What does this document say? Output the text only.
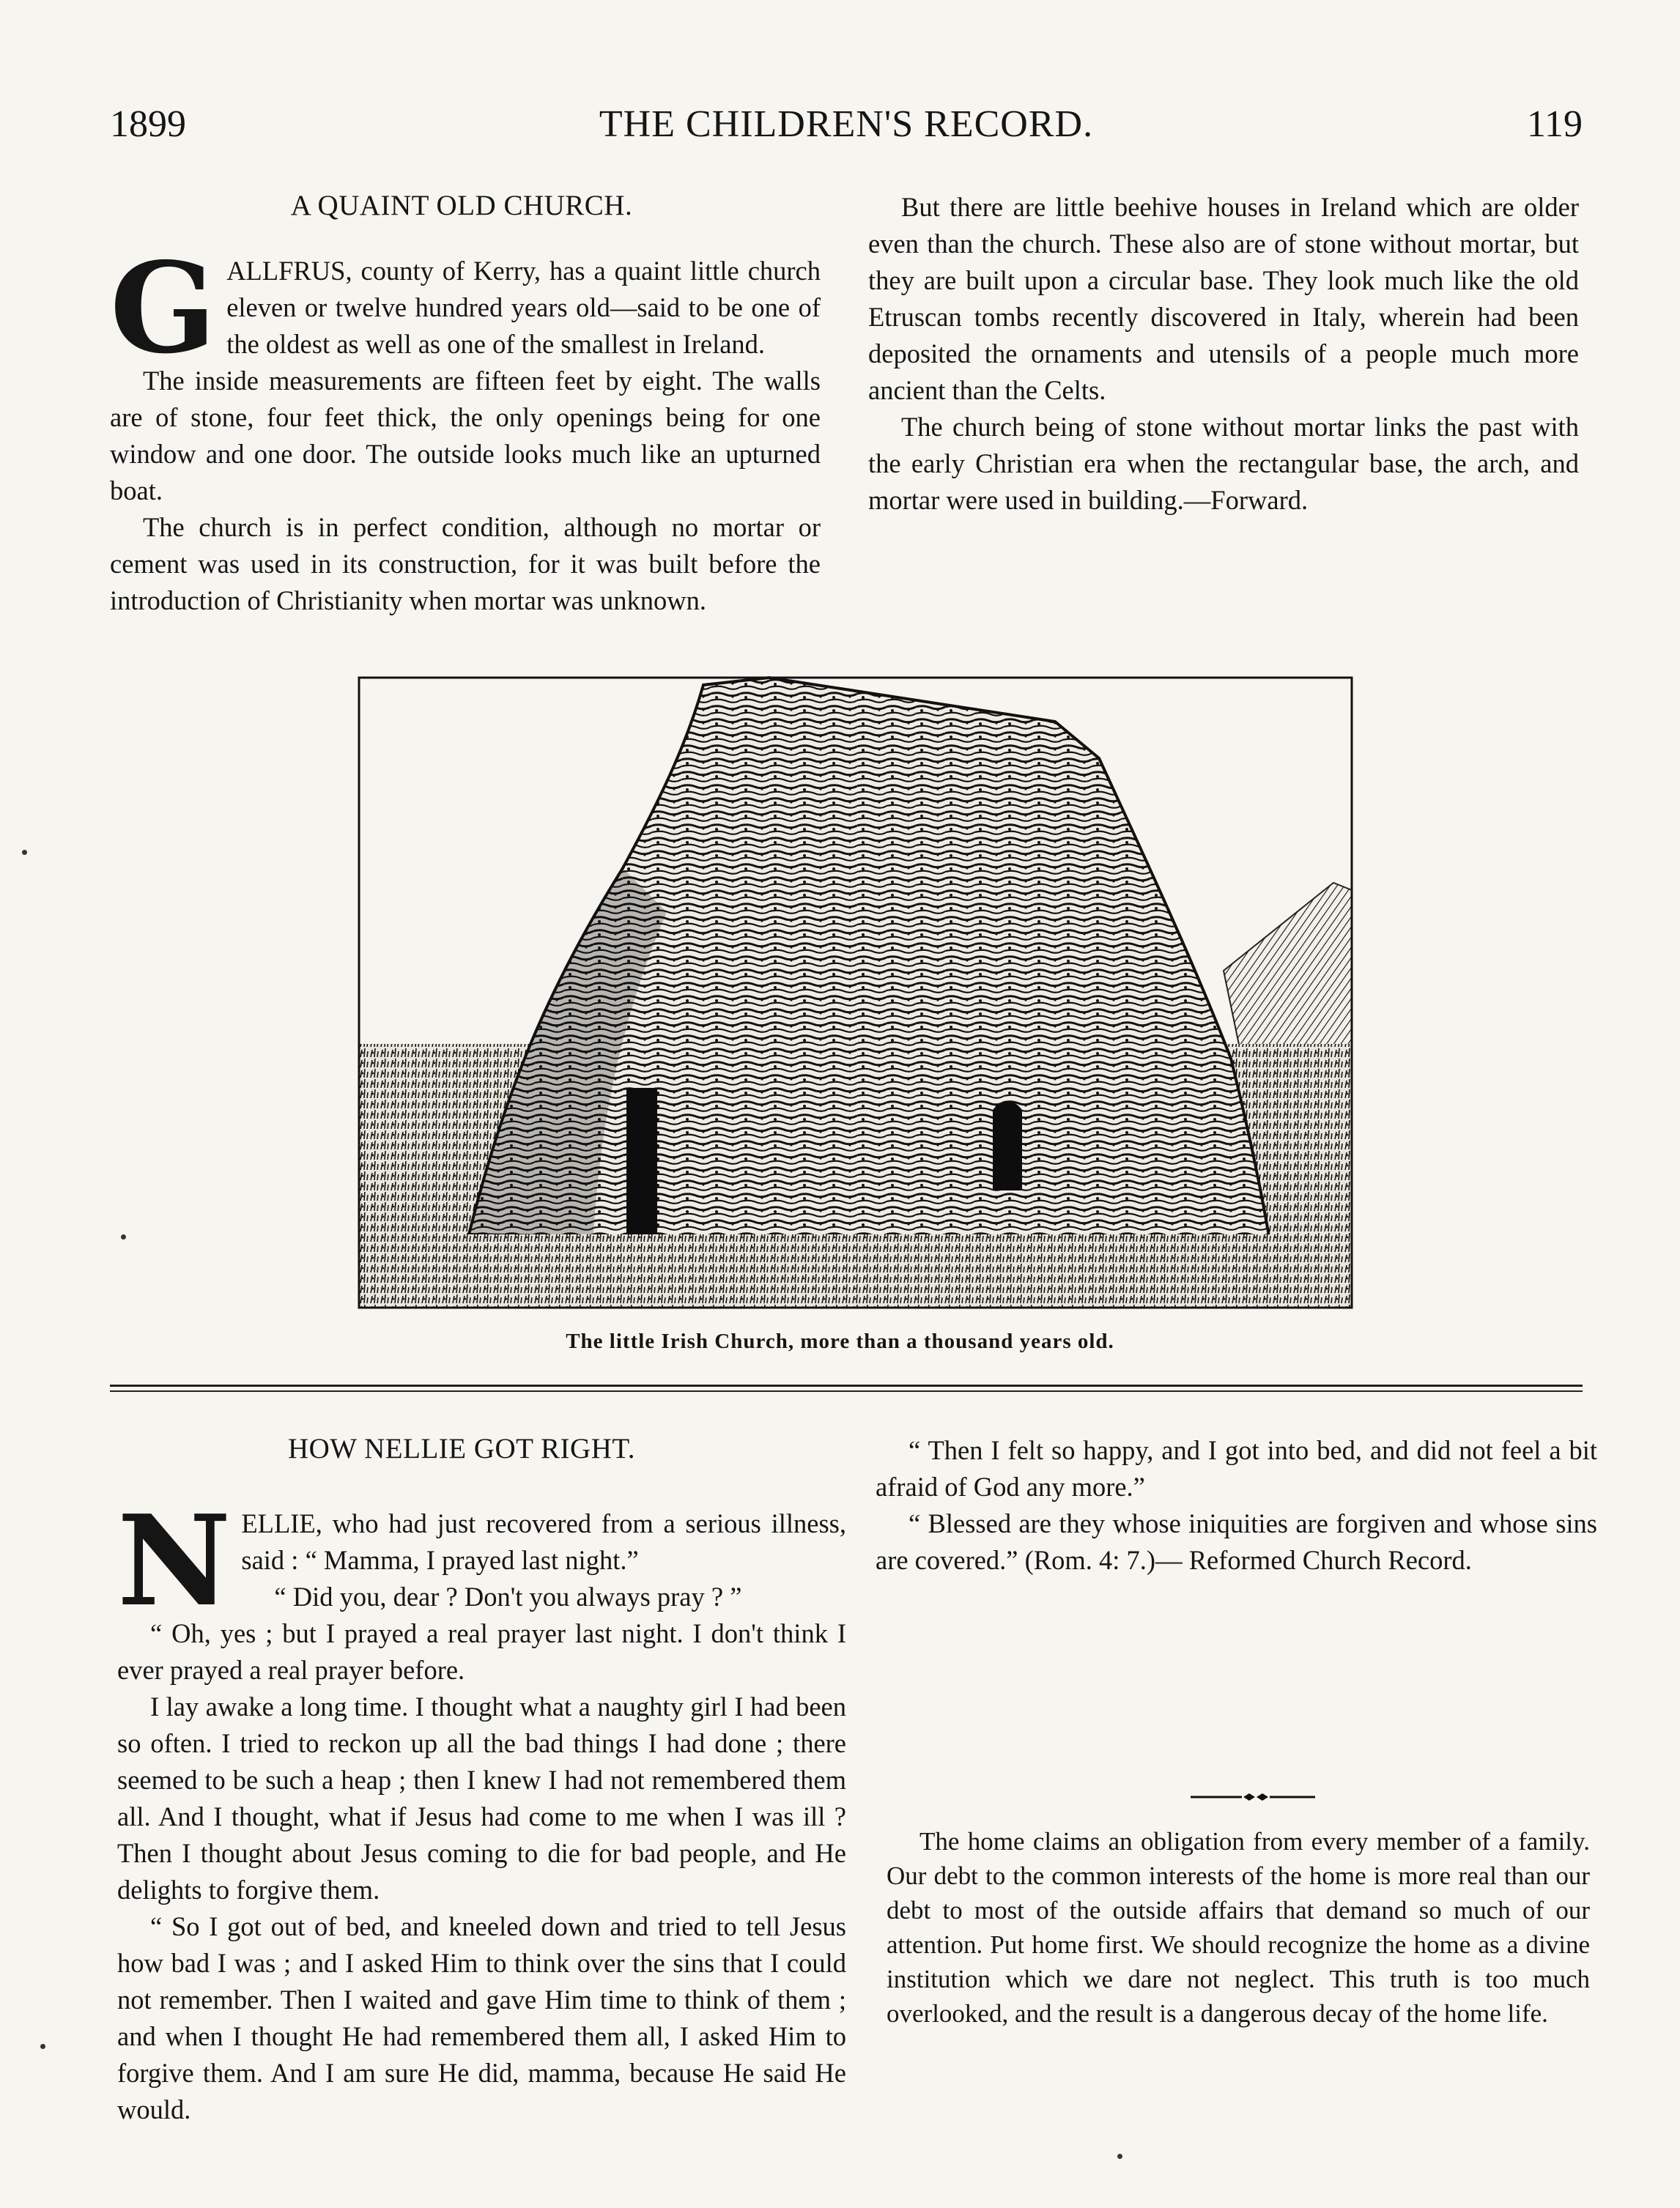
1899	THE CHILDREN'S RECORD.	119
A QUAINT OLD CHURCH.

GALLFRUS, county of Kerry, has a quaint little church eleven or twelve hundred years old—said to be one of the oldest as well as one of the smallest in Ireland.

The inside measurements are fifteen feet by eight. The walls are of stone, four feet thick, the only openings being for one window and one door. The outside looks much like an upturned boat.

The church is in perfect condition, although no mortar or cement was used in its construction, for it was built before the introduction of Christianity when mortar was unknown.

But there are little beehive houses in Ireland which are older even than the church. These also are of stone without mortar, but they are built upon a circular base. They look much like the old Etruscan tombs recently discovered in Italy, wherein had been deposited the ornaments and utensils of a people much more ancient than the Celts.

The church being of stone without mortar links the past with the early Christian era when the rectangular base, the arch, and mortar were used in building.—Forward.

The little Irish Church, more than a thousand years old.
HOW NELLIE GOT RIGHT.

NELLIE, who had just recovered from a serious illness, said : “ Mamma, I prayed last night.”

“ Did you, dear ? Don't you always pray ? ”

“ Oh, yes ; but I prayed a real prayer last night. I don't think I ever prayed a real prayer before.

I lay awake a long time. I thought what a naughty girl I had been so often. I tried to reckon up all the bad things I had done ; there seemed to be such a heap ; then I knew I had not remembered them all. And I thought, what if Jesus had come to me when I was ill ? Then I thought about Jesus coming to die for bad people, and He delights to forgive them.

“ So I got out of bed, and kneeled down and tried to tell Jesus how bad I was ; and I asked Him to think over the sins that I could not remember. Then I waited and gave Him time to think of them ; and when I thought He had remembered them all, I asked Him to forgive them. And I am sure He did, mamma, because He said He would.

“ Then I felt so happy, and I got into bed, and did not feel a bit afraid of God any more.”

“ Blessed are they whose iniquities are forgiven and whose sins are covered.” (Rom. 4: 7.)— Reformed Church Record.

The home claims an obligation from every member of a family. Our debt to the common interests of the home is more real than our debt to most of the outside affairs that demand so much of our attention. Put home first. We should recognize the home as a divine institution which we dare not neglect. This truth is too much overlooked, and the result is a dangerous decay of the home life.
